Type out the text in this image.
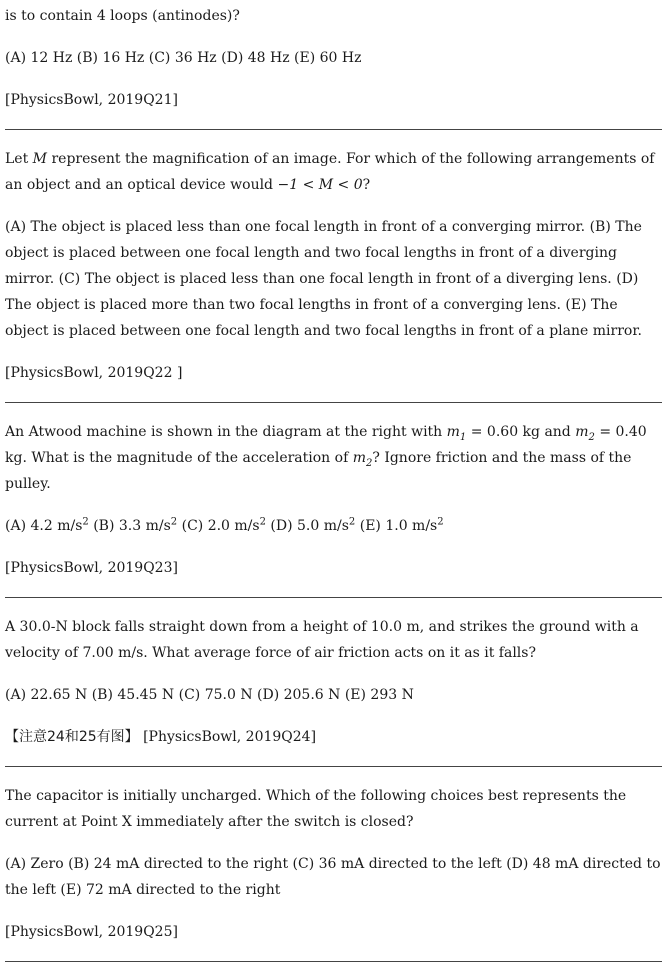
is to contain 4 loops (antinodes)?

(A) 12 Hz (B) 16 Hz (C) 36 Hz (D) 48 Hz (E) 60 Hz

[PhysicsBowl, 2019Q21]

Let M represent the magnification of an image. For which of the following arrangements of an object and an optical device would −1 < M < 0?

(A) The object is placed less than one focal length in front of a converging mirror. (B) The object is placed between one focal length and two focal lengths in front of a diverging mirror. (C) The object is placed less than one focal length in front of a diverging lens. (D) The object is placed more than two focal lengths in front of a converging lens. (E) The object is placed between one focal length and two focal lengths in front of a plane mirror.

[PhysicsBowl, 2019Q22 ]

An Atwood machine is shown in the diagram at the right with $m_1 = 0.60$ kg and $m_2 = 0.40$ kg. What is the magnitude of the acceleration of $m_2$? Ignore friction and the mass of the pulley.

(A) 4.2 $m/s^2$ (B) 3.3 $m/s^2$ (C) 2.0 $m/s^2$ (D) 5.0 $m/s^2$ (E) 1.0 $m/s^2$

[PhysicsBowl, 2019Q23]

A 30.0-N block falls straight down from a height of 10.0 m, and strikes the ground with a velocity of 7.00 m/s. What average force of air friction acts on it as it falls?

(A) 22.65 N (B) 45.45 N (C) 75.0 N (D) 205.6 N (E) 293 N

【注意24和25有图】 [PhysicsBowl, 2019Q24]

The capacitor is initially uncharged. Which of the following choices best represents the current at Point X immediately after the switch is closed?

(A) Zero (B) 24 mA directed to the right (C) 36 mA directed to the left (D) 48 mA directed to the left (E) 72 mA directed to the right

[PhysicsBowl, 2019Q25]
